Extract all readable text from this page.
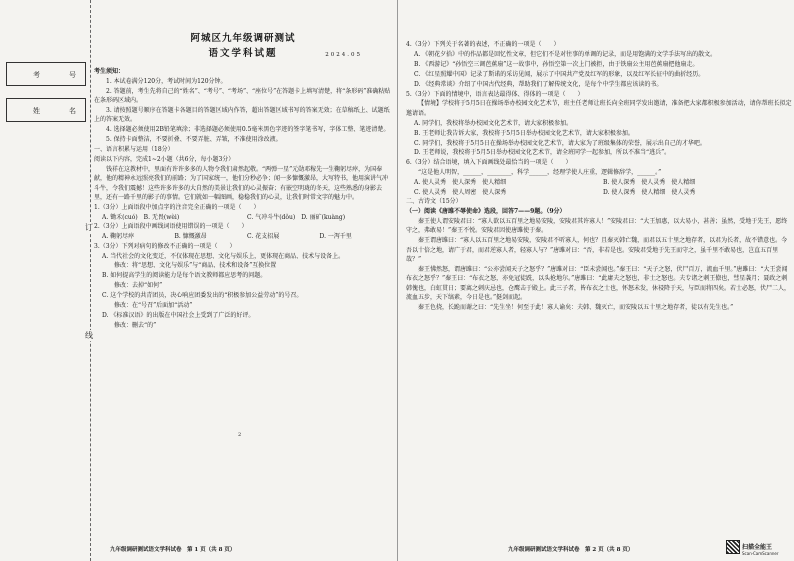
考	号
姓	名
订
线
阿城区九年级调研测试
语文学科试题	2024.05
考生须知：
1. 本试卷满分120分，考试时间为120分钟。
2. 答题前，考生先将自己的“姓名”、“考号”、“考场”、“座位号”在答题卡上填写清楚，将“条形码”准确粘贴在条形码区域内。
3. 请按照题号顺序在答题卡各题目的答题区域内作答，超出答题区域书写的答案无效；在草稿纸上、试题纸上的答案无效。
4. 选择题必须使用2B铅笔填涂；非选择题必须使用0.5毫米黑色字迹的签字笔书写，字体工整、笔迹清楚。
5. 保持卡面整洁，不要折叠、不要弄脏、弄皱，不准使用涂改液。
一、语言积累与运用（18分）
阅读以下内容，完成1~2小题（共6分，每小题3分）
钱祥在这教材中，里面有许许多多的人物令我们肃然起敬。“两弹一星”元勋邓稼先一生鞠躬尽瘁，为国奉献，他的精神永远照亮我们的前路；为了国家统一，他们分秒必争；闻一多慷慨激昂，大写特书，他用演讲气冲斗牛，令我们震撼！这些许多许多的大自然的美景让我们的心灵振奋；有嵌空明珑的冬天，这些熟悉的身影去里，还有一路千里的影子的事情。它们就如一幅图画，稳稳我们的心灵，让我们时常文字的魅力中。
1.（3分）上面语段中加点字的注音完全正确的一项是（　　）
A. 锄禾(cuó)　B. 无畏(wèi)	C. 气冲斗牛(dǒu)　D. 丽矿(kuàng)
2.（3分）上面语段中画线词语使用错误的一项是（　　）
A. 鞠躬尽瘁	B. 慷慨激昂	C. 花支招展	D. 一泻千里
3.（3分）下列对病句的修改不正确的一项是（　　）
A. 当代社会的文化变迁，不仅体现在思想、文化与娱乐上，更体现在商品、技术与设备上。
修改：将“思想、文化与娱乐”与“商品、技术和设备”互换位置
B. 如何提高学生的阅读能力是每个语文教师都应思考的问题。
修改：去掉“如何”
C. 这个学校的共青团员，决心响应团委发出的“积极参加公益劳动”的号召。
修改：在“号召”后面加“活动”
D. 《标准汉语》的出版在中国社会上受到了广泛的好评。
修改：删去“的”
2
九年级调研测试语文学科试卷　第 1 页（共 8 页）
4.（3分）下列关于名著的表述，不正确的一项是（　　）
A. 《朝花夕拾》中的作品都是回忆性文章，但它们不是对往事的单调的记录，而是用饱满的文学手法写出的散文。
B. 《西游记》“孙悟空三调芭蕉扇”这一故事中，孙悟空第一次上门被拒，由于铁扇公主用芭蕉扇把他扇走。
C. 《红星照耀中国》记录了斯诺的采访见闻，展示了中国共产党及红军的形象，以及红军长征中的曲折经历。
D. 《经典常谈》介绍了中国古代经典，帮助我们了解传统文化，是每个中学生都应该读的书。
5.（3分）下面的情境中，语言表达最得体、得体的一项是（　　）
【情境】学校将于5月5日在操场举办校园文化艺术节，班主任老师让班长向全班同学发出邀请，准备把大家都积极参加活动，请你帮班长拟定邀请语。
A. 同学们，我校将举办校园文化艺术节，请大家积极参加。
B. 王老师让我告诉大家，我校将于5月5日举办校园文化艺术节，请大家积极参加。
C. 同学们，我校将于5月5日在操场举办校园文化艺术节，请大家为了班级集体的荣誉，展示出自己的才华吧。
D. 王老师说，我校将于5月5日举办校园文化艺术节，请全班同学一起参加，所以不准当“逃兵”。
6.（3分）结合语境，填入下面画线处最恰当的一项是（　　）
“这是他人明智，______，________，科学______，经理学使人庄重，逻辑修辞学，______。”
A. 使人灵秀　使人深秀　使人精细	B. 使人深秀　使人灵秀　使人精细
C. 使人灵秀　使人周密　使人深秀	D. 使人深秀　使人精细　使人灵秀
二、古诗文（15分）
（一）阅读《唐雎不辱使命》选段，回答7——9题。（9分）
秦王使人谓安陵君曰：“寡人欲以五百里之地易安陵，安陵君其许寡人！”安陵君曰：“大王加惠，以大易小，甚善；虽然，受地于先王，愿终守之，弗敢易！”秦王不悦。安陵君因使唐雎使于秦。
秦王谓唐雎曰：“寡人以五百里之地易安陵，安陵君不听寡人，何也？且秦灭韩亡魏，而君以五十里之地存者，以君为长者，故不错意也。今吾以十倍之地，请广于君，而君逆寡人者，轻寡人与？”唐雎对曰：“否，非若是也。安陵君受地于先王而守之，虽千里不敢易也，岂直五百里哉？”
秦王怫然怒，谓唐雎曰：“公亦尝闻天子之怒乎？”唐雎对曰：“臣未尝闻也。”秦王曰：“天子之怒，伏尸百万，流血千里。”唐雎曰：“大王尝闻布衣之怒乎？”秦王曰：“布衣之怒，亦免冠徒跣，以头抢地尔。”唐雎曰：“此庸夫之怒也，非士之怒也。夫专诸之刺王僚也，彗星袭月；聂政之刺韩傀也，白虹贯日；要离之刺庆忌也，仓鹰击于殿上。此三子者，皆布衣之士也，怀怒未发，休祲降于天，与臣而将四矣。若士必怒，伏尸二人，流血五步，天下缟素，今日是也。”挺剑而起。
秦王色挠，长跪而谢之曰：“先生坐！何至于此！寡人谕矣：夫韩、魏灭亡，而安陵以五十里之地存者，徒以有先生也。”
九年级调研测试语文学科试卷　第 2 页（共 8 页）	扫描全能王
Scan·CamScanner
